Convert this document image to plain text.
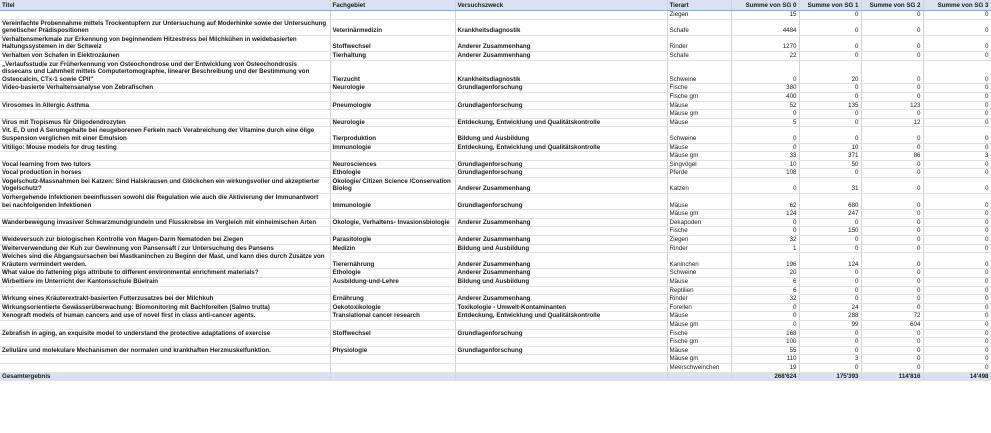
Titel	Fachgebiet	Versuchszweck	Tierart	Summe von SG 0	Summe von SG 1	Summe von SG 2	Summe von SG 3
			Ziegen	15	0	0	0
Vereinfachte Probennahme mittels Trockentupfern zur Untersuchung auf Moderhinke sowie der Untersuchung genetischer Prädispositionen	Veterinärmedizin	Krankheitsdiagnostik	Schafe	4484	0	0	0
Verhaltensmerkmale zur Erkennung von beginnendem Hitzestress bei Milchkühen in weidebasierten Haltungssystemen in der Schweiz	Stoffwechsel	Anderer Zusammenhang	Rinder	1270	0	0	0
Verhalten von Schafen in Elektrozäunen	Tierhaltung	Anderer Zusammenhang	Schafe	22	0	0	0
„Verlaufsstudie zur Früherkennung von Osteochondrose und der Entwicklung von Osteochondrosis dissecans und Lahmheit mittels Computertomographie, linearer Beschreibung und der Bestimmung von Osteocalcin, CTx-1 sowie CPII"	Tierzucht	Krankheitsdiagnostik	Schweine	0	20	0	0
Video-basierte Verhaltensanalyse von Zebrafischen	Neurologie	Grundlagenforschung	Fische	380	0	0	0
			Fische gm	400	0	0	0
Virosomes in Allergic Asthma	Pneumologie	Grundlagenforschung	Mäuse	52	135	123	0
			Mäuse gm	0	0	0	0
Virus mit Tropismus für Oligodendrozyten	Neurologie	Entdeckung, Entwicklung und Qualitätskontrolle	Mäuse	5	0	12	0
Vit. E, D und A Serumgehalte bei neugeborenen Ferkeln nach Verabreichung der Vitamine durch eine ölige Suspension verglichen mit einer Emulsion	Tierproduktion	Bildung und Ausbildung	Schweine	0	0	0	0
Vitiligo: Mouse models for drug testing	Immunologie	Entdeckung, Entwicklung und Qualitätskontrolle	Mäuse	0	10	0	0
			Mäuse gm	33	371	86	3
Vocal learning from two tutors	Neurosciences	Grundlagenforschung	Singvögel	10	50	0	0
Vocal production in horses	Ethologie	Grundlagenforschung	Pferde	108	0	0	0
Vogelschutz-Massnahmen bei Katzen: Sind Halskrausen und Glöckchen ein wirkungsvoller und akzeptierter Vogelschutz?	Ökologie/ Citizen Science /Conservation Biolog	Anderer Zusammenhang	Katzen	0	31	0	0
Vorhergehende Infektionen beeinflussen sowohl die Regulation wie auch die Aktivierung der Immunantwort bei nachfolgenden Infektionen	Immunologie	Grundlagenforschung	Mäuse	62	680	0	0
			Mäuse gm	124	247	0	0
Wanderbewegung invasiver Schwarzmundgrundeln und Flusskrebse im Vergleich mit einheimischen Arten	Ökologie, Verhaltens- Invasionsbiologie	Anderer Zusammenhang	Dekapoden	0	0	0	0
			Fische	0	150	0	0
Weideversuch zur biologischen Kontrolle von Magen-Darm Nematoden bei Ziegen	Parasitologie	Anderer Zusammenhang	Ziegen	32	0	0	0
Weiterverwendung der Kuh zur Gewinnung von Pansensaft / zur Untersuchung des Pansens	Medizin	Bildung und Ausbildung	Rinder	1	0	0	0
Welches sind die Abgangsursachen bei Mastkaninchen zu Beginn der Mast, und kann dies durch Zusätze von Kräutern vermindert werden.	Tierernährung	Anderer Zusammenhang	Kaninchen	196	124	0	0
What value do fattening pigs attribute to different environmental enrichment materials?	Ethologie	Anderer Zusammenhang	Schweine	20	0	0	0
Wirbeltiere im Unterricht der Kantonsschule Büelrain	Ausbildung-und-Lehre	Bildung und Ausbildung	Mäuse	6	0	0	0
			Reptilien	6	0	0	0
Wirkung eines Kräuterextrakt-basierten Futterzusatzes bei der Milchkuh	Ernährung	Anderer Zusammenhang	Rinder	32	0	0	0
Wirkungsorientierte Gewässerüberwachung: Biomonitoring mit Bachforellen (Salmo trutta)	Oekotoxikologie	Toxikologie - Umwelt-Kontaminanten	Forellen	0	24	0	0
Xenograft models of human cancers and use of novel first in class anti-cancer agents.	Translational cancer research	Entdeckung, Entwicklung und Qualitätskontrolle	Mäuse	0	288	72	0
			Mäuse gm	0	99	604	0
Zebrafish in aging, an exquisite model to understand the protective adaptations of exercise	Stoffwechsel	Grundlagenforschung	Fische	168	0	0	0
			Fische gm	100	0	0	0
Zelluläre und molekulare Mechanismen der normalen und krankhaften Herzmuskelfunktion.	Physiologie	Grundlagenforschung	Mäuse	55	0	0	0
			Mäuse gm	110	3	0	0
			Meerschweinchen	19	0	0	0
Gesamtergebnis				268'624	175'393	114'816	14'498
